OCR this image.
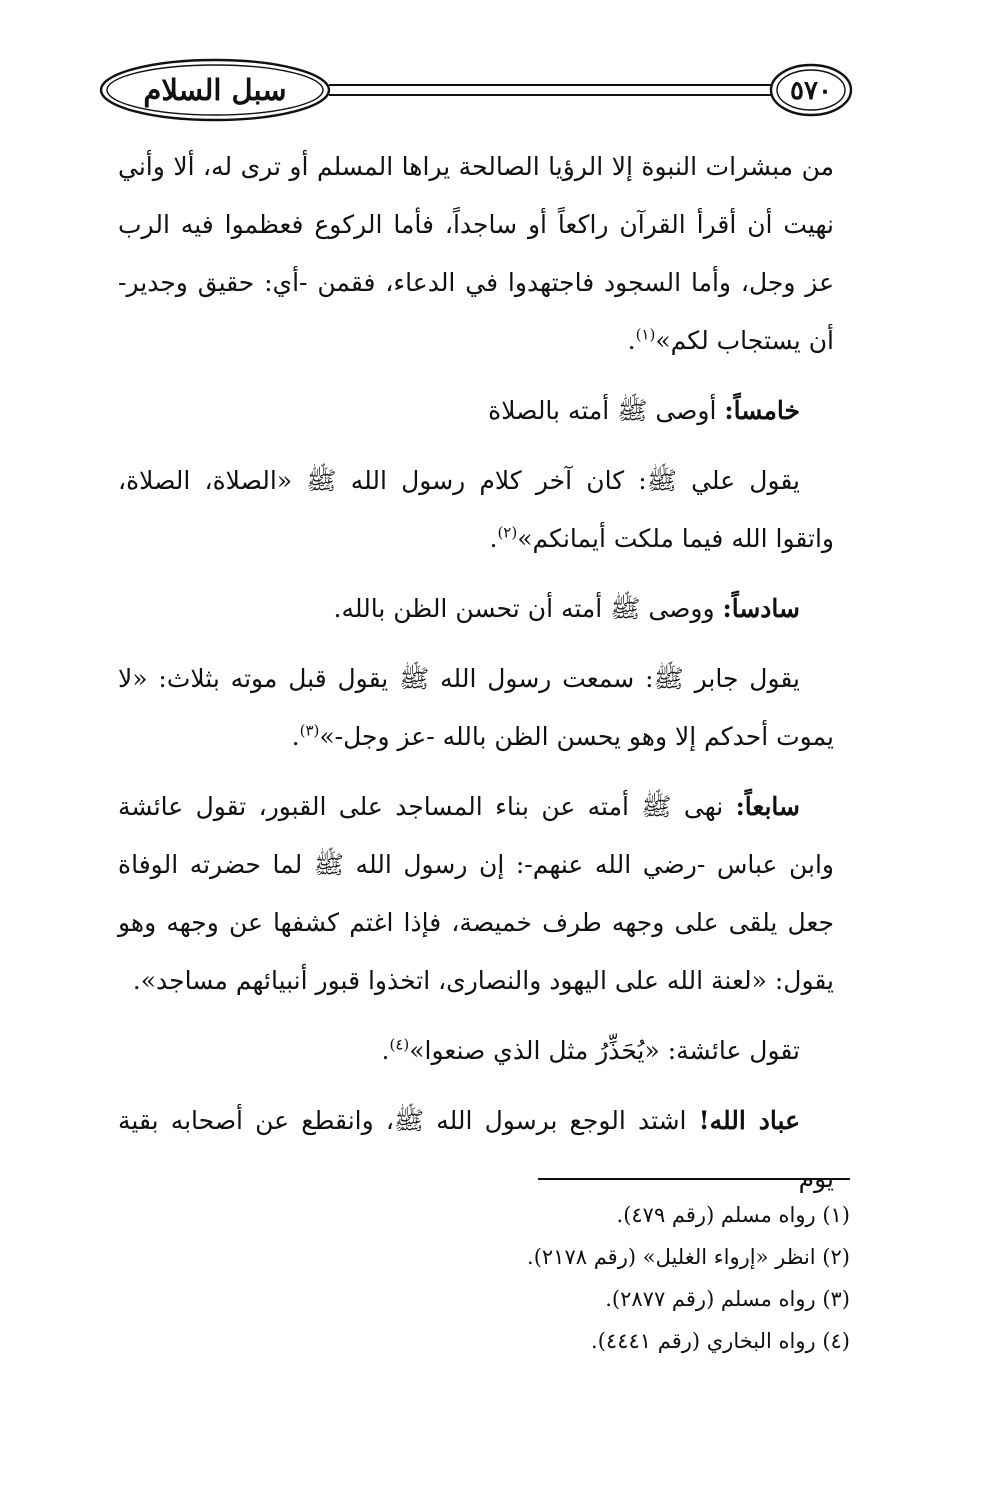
سبل السلام	٥٧٠

من مبشرات النبوة إلا الرؤيا الصالحة يراها المسلم أو ترى له، ألا وأني نهيت أن أقرأ القرآن راكعاً أو ساجداً، فأما الركوع فعظموا فيه الرب عز وجل، وأما السجود فاجتهدوا في الدعاء، فقمن -أي: حقيق وجدير- أن يستجاب لكم»$^{(١)}$.

خامساً: أوصى ﷺ أمته بالصلاة

يقول علي ﷺ: كان آخر كلام رسول الله ﷺ «الصلاة، الصلاة، واتقوا الله فيما ملكت أيمانكم»$^{(٢)}$.

سادساً: ووصى ﷺ أمته أن تحسن الظن بالله.

يقول جابر ﷺ: سمعت رسول الله ﷺ يقول قبل موته بثلاث: «لا يموت أحدكم إلا وهو يحسن الظن بالله -عز وجل-»$^{(٣)}$.

سابعاً: نهى ﷺ أمته عن بناء المساجد على القبور، تقول عائشة وابن عباس -رضي الله عنهم-: إن رسول الله ﷺ لما حضرته الوفاة جعل يلقى على وجهه طرف خميصة، فإذا اغتم كشفها عن وجهه وهو يقول: «لعنة الله على اليهود والنصارى، اتخذوا قبور أنبيائهم مساجد».

تقول عائشة: «يُحَذِّرُ مثل الذي صنعوا»$^{(٤)}$.

عباد الله! اشتد الوجع برسول الله ﷺ، وانقطع عن أصحابه بقية يوم

(١) رواه مسلم (رقم ٤٧٩).
(٢) انظر «إرواء الغليل» (رقم ٢١٧٨).
(٣) رواه مسلم (رقم ٢٨٧٧).
(٤) رواه البخاري (رقم ٤٤٤١).
